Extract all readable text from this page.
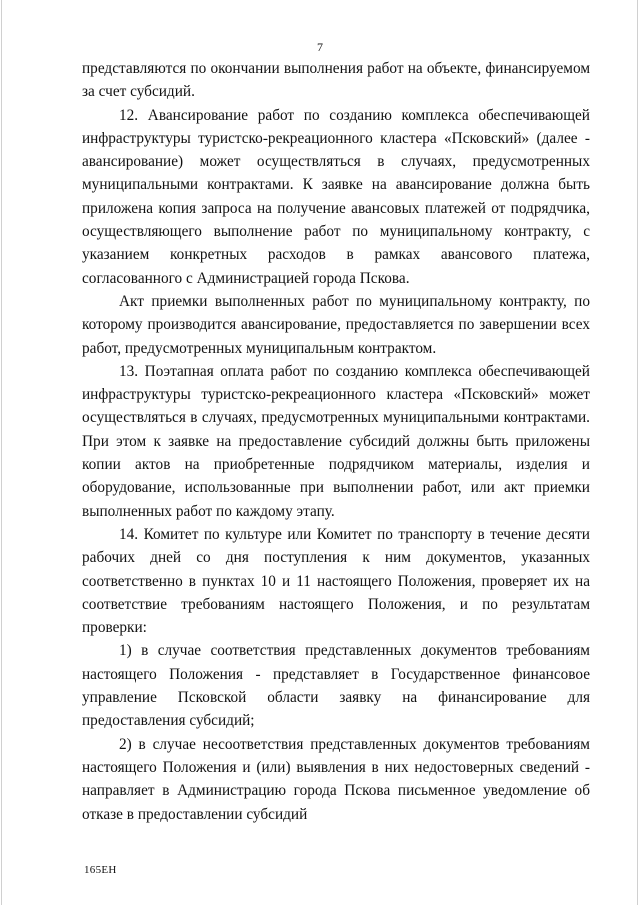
7

представляются по окончании выполнения работ на объекте, финансируемом за счет субсидий.

12. Авансирование работ по созданию комплекса обеспечивающей инфраструктуры туристско-рекреационного кластера «Псковский» (далее - авансирование) может осуществляться в случаях, предусмотренных муниципальными контрактами. К заявке на авансирование должна быть приложена копия запроса на получение авансовых платежей от подрядчика, осуществляющего выполнение работ по муниципальному контракту, с указанием конкретных расходов в рамках авансового платежа, согласованного с Администрацией города Пскова.

Акт приемки выполненных работ по муниципальному контракту, по которому производится авансирование, предоставляется по завершении всех работ, предусмотренных муниципальным контрактом.

13. Поэтапная оплата работ по созданию комплекса обеспечивающей инфраструктуры туристско-рекреационного кластера «Псковский» может осуществляться в случаях, предусмотренных муниципальными контрактами. При этом к заявке на предоставление субсидий должны быть приложены копии актов на приобретенные подрядчиком материалы, изделия и оборудование, использованные при выполнении работ, или акт приемки выполненных работ по каждому этапу.

14. Комитет по культуре или Комитет по транспорту в течение десяти рабочих дней со дня поступления к ним документов, указанных соответственно в пунктах 10 и 11 настоящего Положения, проверяет их на соответствие требованиям настоящего Положения, и по результатам проверки:

1) в случае соответствия представленных документов требованиям настоящего Положения - представляет в Государственное финансовое управление Псковской области заявку на финансирование для предоставления субсидий;

2) в случае несоответствия представленных документов требованиям настоящего Положения и (или) выявления в них недостоверных сведений - направляет в Администрацию города Пскова письменное уведомление об отказе в предоставлении субсидий

165ЕН
